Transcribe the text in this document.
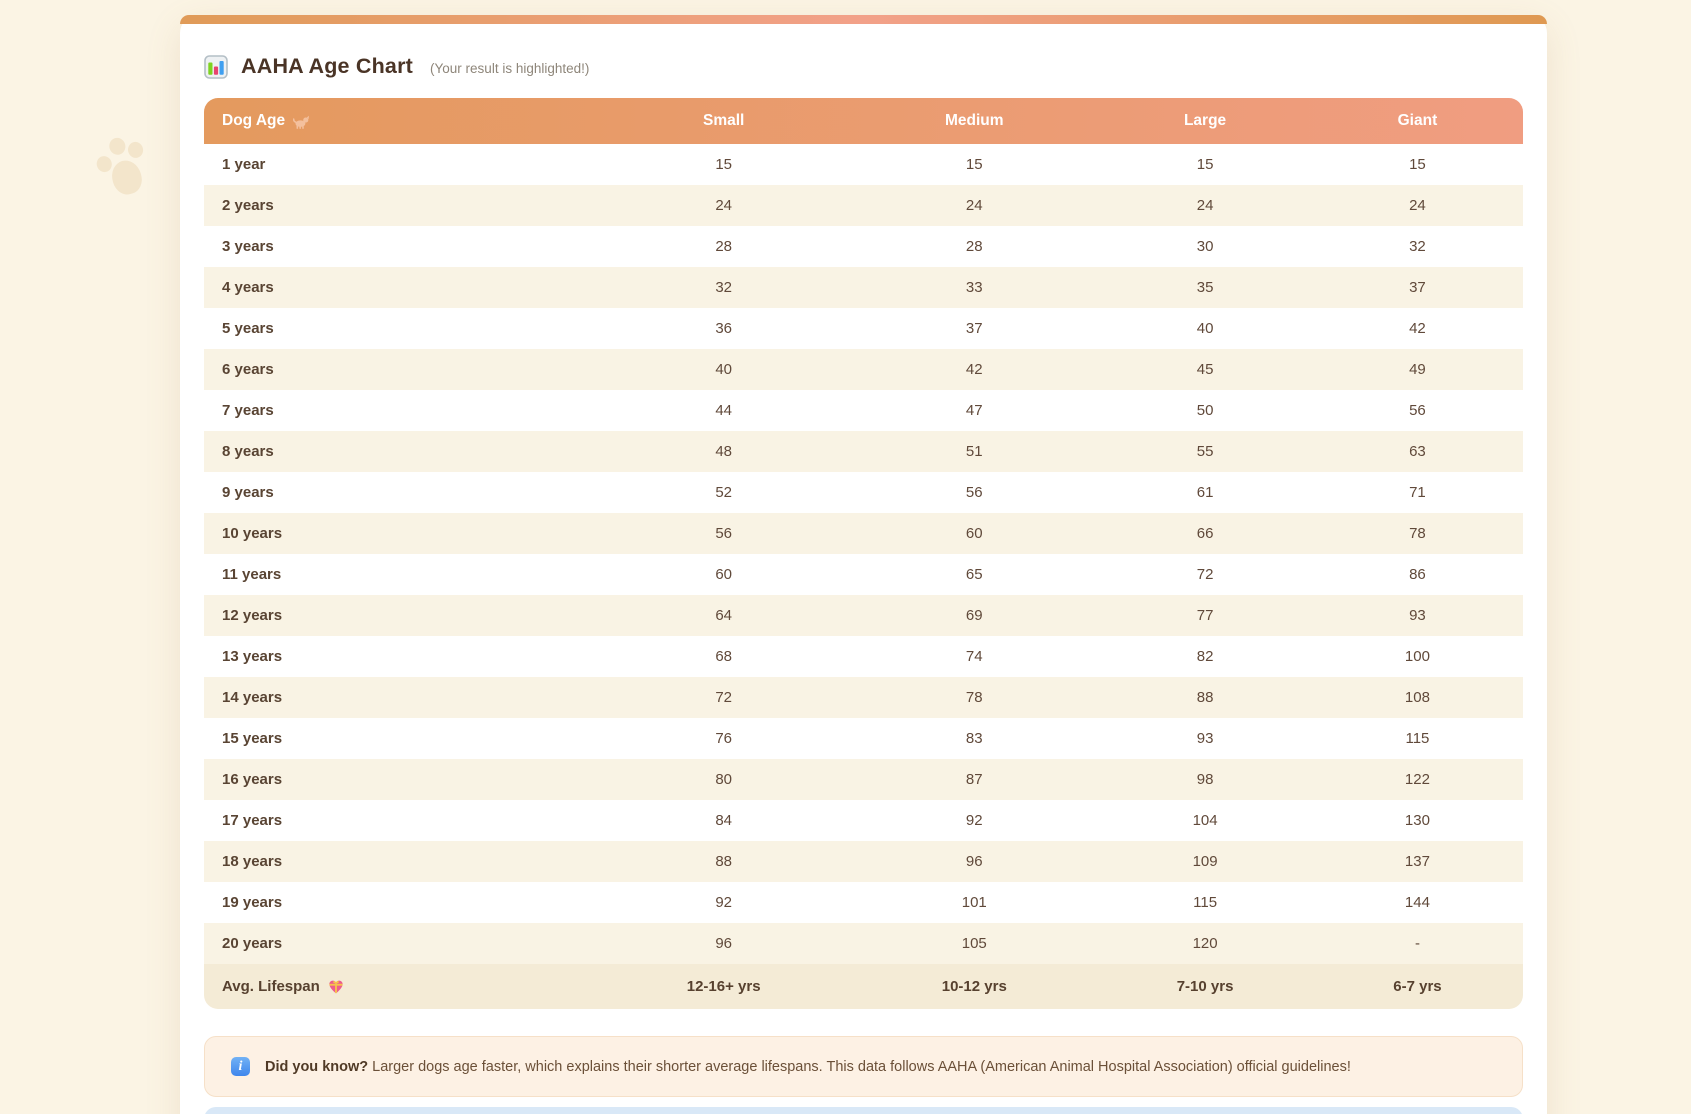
AAHA Age Chart (Your result is highlighted!)
Dog Age	Small	Medium	Large	Giant
1 year	15	15	15	15
2 years	24	24	24	24
3 years	28	28	30	32
4 years	32	33	35	37
5 years	36	37	40	42
6 years	40	42	45	49
7 years	44	47	50	56
8 years	48	51	55	63
9 years	52	56	61	71
10 years	56	60	66	78
11 years	60	65	72	86
12 years	64	69	77	93
13 years	68	74	82	100
14 years	72	78	88	108
15 years	76	83	93	115
16 years	80	87	98	122
17 years	84	92	104	130
18 years	88	96	109	137
19 years	92	101	115	144
20 years	96	105	120	-
Avg. Lifespan	12-16+ yrs	10-12 yrs	7-10 yrs	6-7 yrs
i	Did you know? Larger dogs age faster, which explains their shorter average lifespans. This data follows AAHA (American Animal Hospital Association) official guidelines!
